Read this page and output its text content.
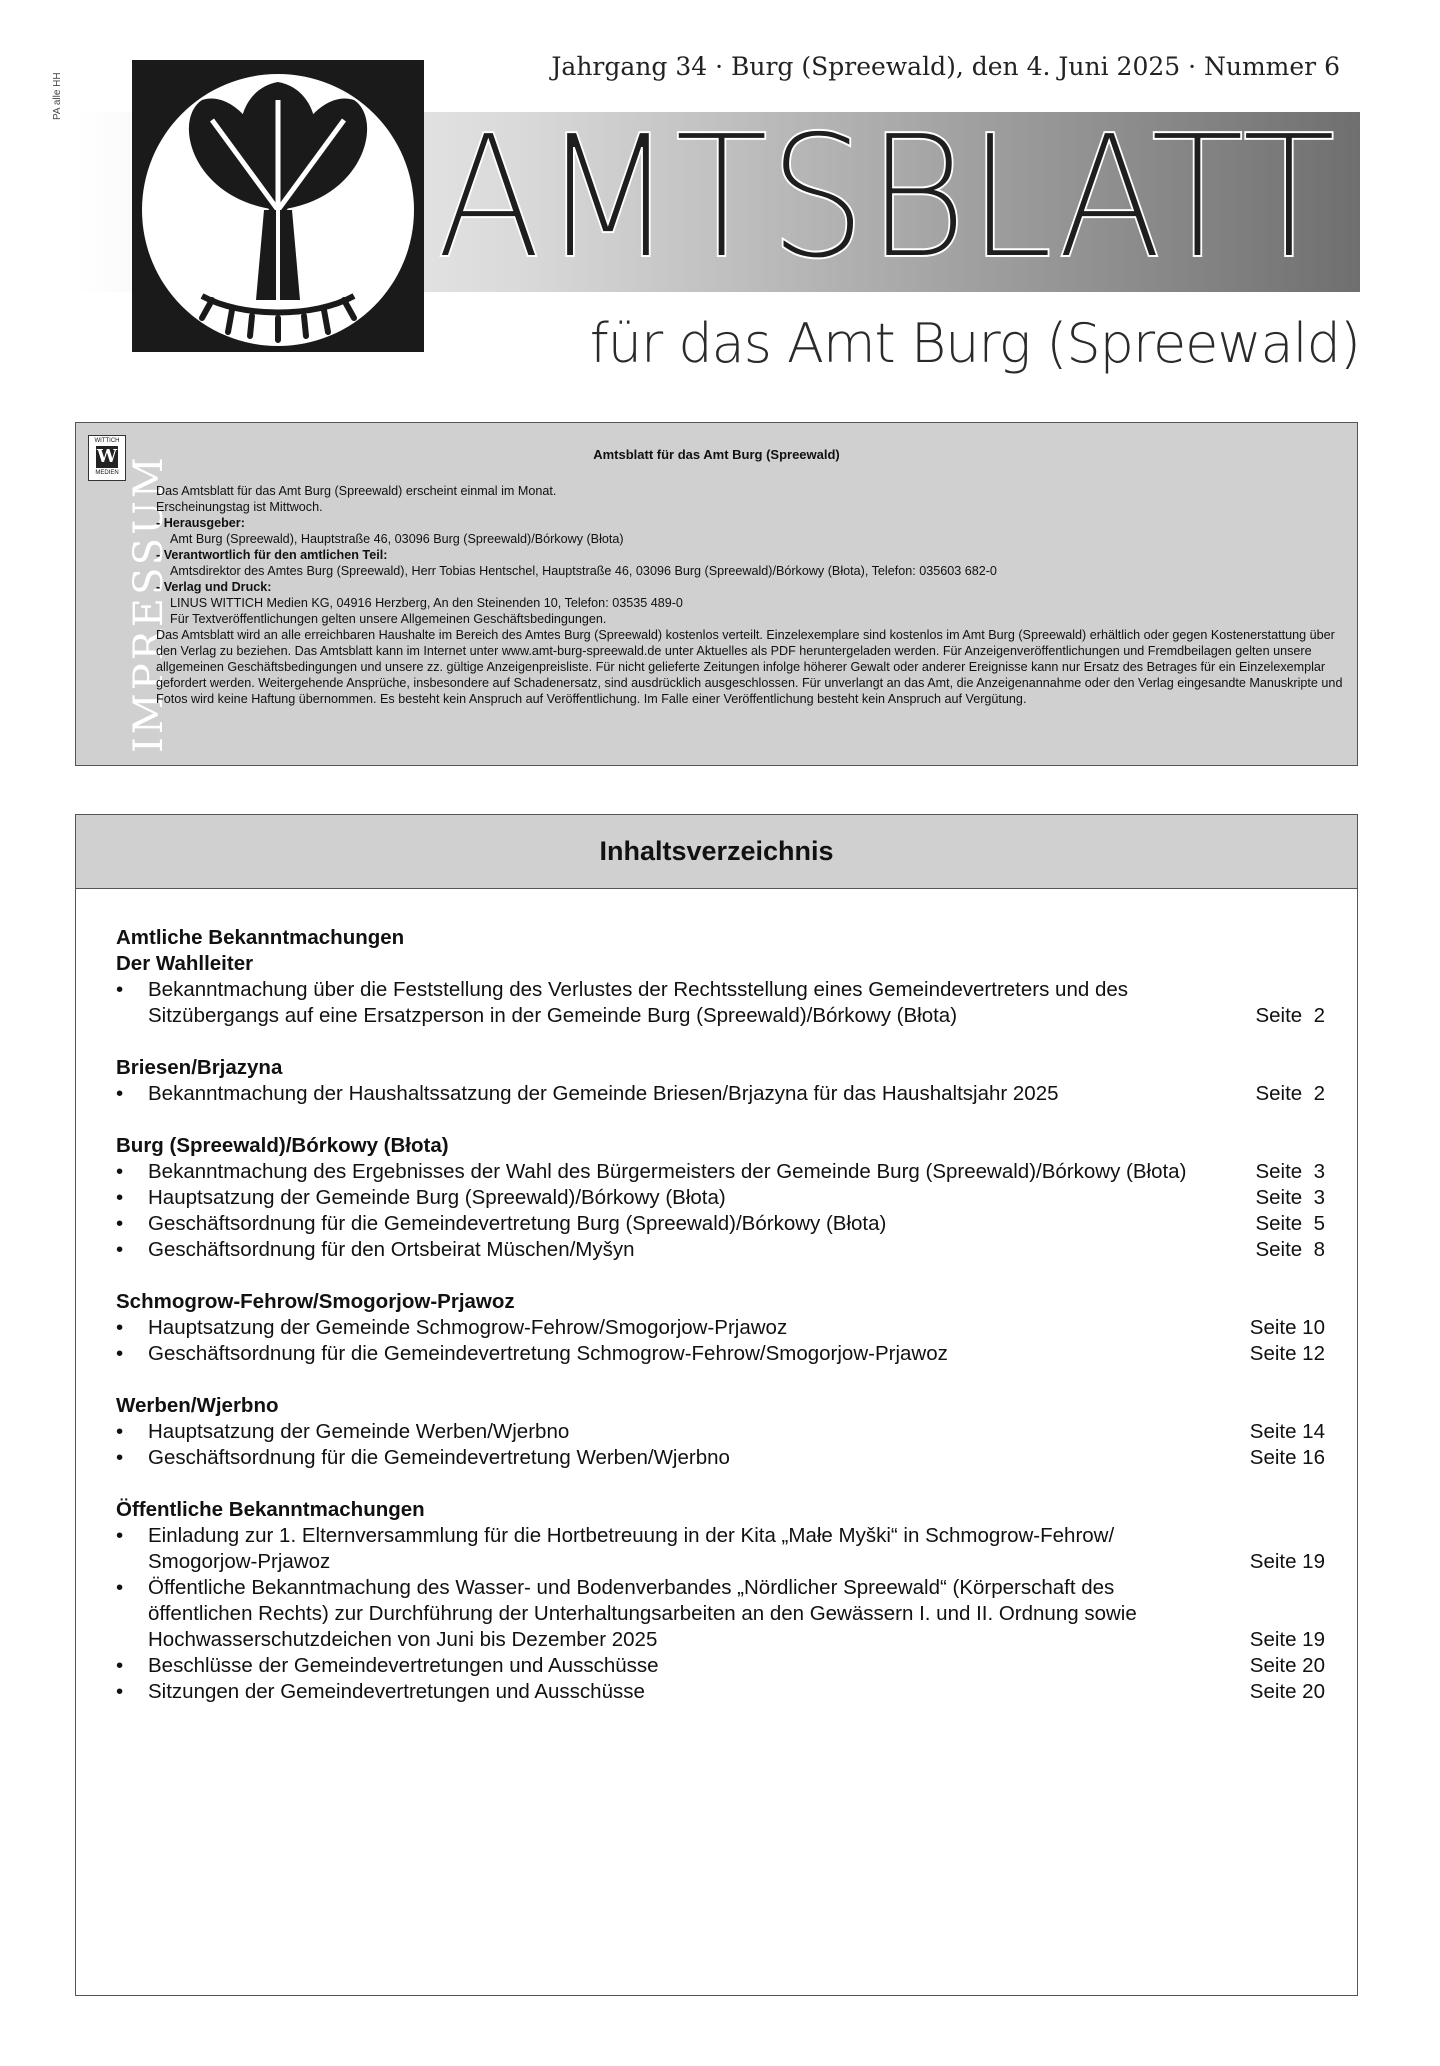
PA alle HH
Jahrgang 34 · Burg (Spreewald), den 4. Juni 2025 · Nummer 6
AMTSBLATT
für das Amt Burg (Spreewald)
WITTICH
W
MEDIEN IMPRESSUM	Amtsblatt für das Amt Burg (Spreewald)

Das Amtsblatt für das Amt Burg (Spreewald) erscheint einmal im Monat.

Erscheinungstag ist Mittwoch.

- Herausgeber:

Amt Burg (Spreewald), Hauptstraße 46, 03096 Burg (Spreewald)/Bórkowy (Błota)

- Verantwortlich für den amtlichen Teil:

Amtsdirektor des Amtes Burg (Spreewald), Herr Tobias Hentschel, Hauptstraße 46, 03096 Burg (Spreewald)/Bórkowy (Błota), Telefon: 035603 682-0

- Verlag und Druck:

LINUS WITTICH Medien KG, 04916 Herzberg, An den Steinenden 10, Telefon: 03535 489-0

Für Textveröffentlichungen gelten unsere Allgemeinen Geschäftsbedingungen.

Das Amtsblatt wird an alle erreichbaren Haushalte im Bereich des Amtes Burg (Spreewald) kostenlos verteilt. Einzelexemplare sind kostenlos im Amt Burg (Spreewald) erhältlich oder gegen Kostenerstattung über den Verlag zu beziehen. Das Amtsblatt kann im Internet unter www.amt-burg-spreewald.de unter Aktuelles als PDF heruntergeladen werden. Für Anzeigenveröffentlichungen und Fremdbeilagen gelten unsere allgemeinen Geschäftsbedingungen und unsere zz. gültige Anzeigenpreisliste. Für nicht gelieferte Zeitungen infolge höherer Gewalt oder anderer Ereignisse kann nur Ersatz des Betrages für ein Einzelexemplar gefordert werden. Weitergehende Ansprüche, insbesondere auf Schadenersatz, sind ausdrücklich ausgeschlossen. Für unverlangt an das Amt, die Anzeigenannahme oder den Verlag eingesandte Manuskripte und Fotos wird keine Haftung übernommen. Es besteht kein Anspruch auf Veröffentlichung. Im Falle einer Veröffentlichung besteht kein Anspruch auf Vergütung.

Inhaltsverzeichnis
Amtliche Bekanntmachungen
Der Wahlleiter
•	Bekanntmachung über die Feststellung des Verlustes der Rechtsstellung eines Gemeindevertreters und des Sitzübergangs auf eine Ersatzperson in der Gemeinde Burg (Spreewald)/Bórkowy (Błota)	Seite  2
Briesen/Brjazyna
•	Bekanntmachung der Haushaltssatzung der Gemeinde Briesen/Brjazyna für das Haushaltsjahr 2025	Seite  2
Burg (Spreewald)/Bórkowy (Błota)
•	Bekanntmachung des Ergebnisses der Wahl des Bürgermeisters der Gemeinde Burg (Spreewald)/Bórkowy (Błota)	Seite  3
•	Hauptsatzung der Gemeinde Burg (Spreewald)/Bórkowy (Błota)	Seite  3
•	Geschäftsordnung für die Gemeindevertretung Burg (Spreewald)/Bórkowy (Błota)	Seite  5
•	Geschäftsordnung für den Ortsbeirat Müschen/Myšyn	Seite  8
Schmogrow-Fehrow/Smogorjow-Prjawoz
•	Hauptsatzung der Gemeinde Schmogrow-Fehrow/Smogorjow-Prjawoz	Seite 10
•	Geschäftsordnung für die Gemeindevertretung Schmogrow-Fehrow/Smogorjow-Prjawoz	Seite 12
Werben/Wjerbno
•	Hauptsatzung der Gemeinde Werben/Wjerbno	Seite 14
•	Geschäftsordnung für die Gemeindevertretung Werben/Wjerbno	Seite 16
Öffentliche Bekanntmachungen
•	Einladung zur 1. Elternversammlung für die Hortbetreuung in der Kita „Małe Myški“ in Schmogrow-Fehrow/ Smogorjow-Prjawoz	Seite 19
•	Öffentliche Bekanntmachung des Wasser- und Bodenverbandes „Nördlicher Spreewald“ (Körperschaft des öffentlichen Rechts) zur Durchführung der Unterhaltungsarbeiten an den Gewässern I. und II. Ordnung sowie Hochwasserschutzdeichen von Juni bis Dezember 2025	Seite 19
•	Beschlüsse der Gemeindevertretungen und Ausschüsse	Seite 20
•	Sitzungen der Gemeindevertretungen und Ausschüsse	Seite 20
